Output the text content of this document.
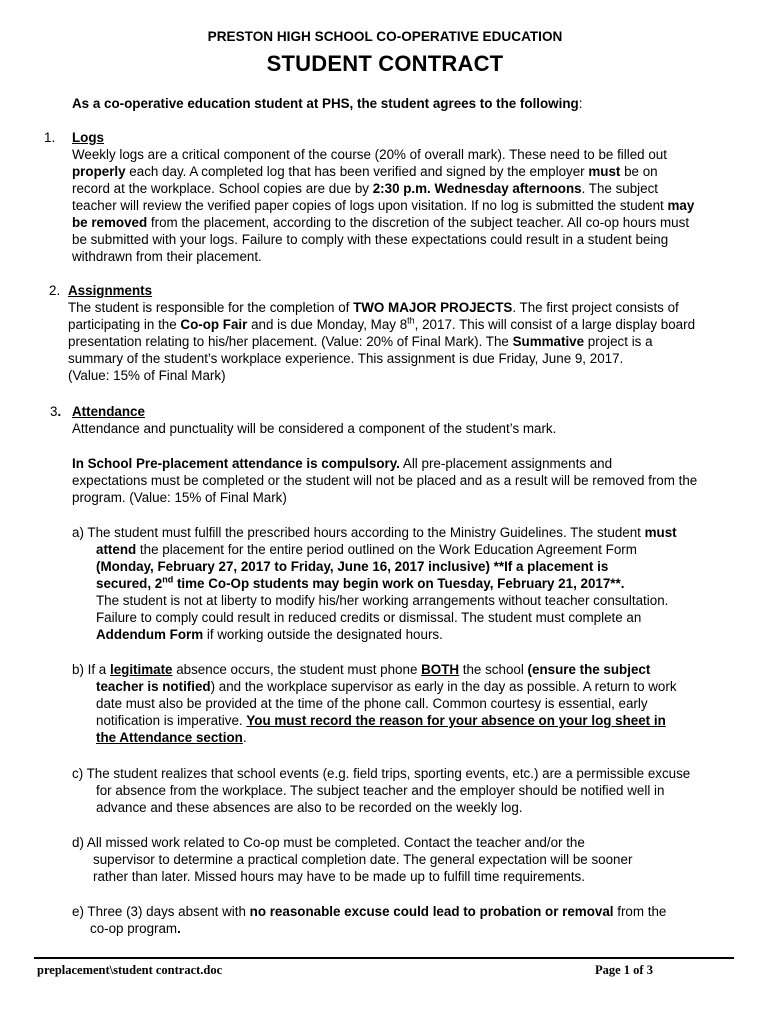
PRESTON HIGH SCHOOL CO-OPERATIVE EDUCATION
STUDENT CONTRACT
As a co-operative education student at PHS, the student agrees to the following:
1. Logs
Weekly logs are a critical component of the course (20% of overall mark). These need to be filled out
properly each day. A completed log that has been verified and signed by the employer must be on
record at the workplace. School copies are due by 2:30 p.m. Wednesday afternoons. The subject
teacher will review the verified paper copies of logs upon visitation. If no log is submitted the student may
be removed from the placement, according to the discretion of the subject teacher. All co-op hours must
be submitted with your logs. Failure to comply with these expectations could result in a student being
withdrawn from their placement.
2. Assignments
The student is responsible for the completion of TWO MAJOR PROJECTS. The first project consists of
participating in the Co-op Fair and is due Monday, May 8th, 2017. This will consist of a large display board
presentation relating to his/her placement. (Value: 20% of Final Mark). The Summative project is a
summary of the student’s workplace experience. This assignment is due Friday, June 9, 2017.
(Value: 15% of Final Mark)
3. Attendance
Attendance and punctuality will be considered a component of the student’s mark.
In School Pre-placement attendance is compulsory. All pre-placement assignments and
expectations must be completed or the student will not be placed and as a result will be removed from the
program. (Value: 15% of Final Mark)
a) The student must fulfill the prescribed hours according to the Ministry Guidelines. The student must
attend the placement for the entire period outlined on the Work Education Agreement Form
(Monday, February 27, 2017 to Friday, June 16, 2017 inclusive) **If a placement is
secured, 2nd time Co-Op students may begin work on Tuesday, February 21, 2017**.
The student is not at liberty to modify his/her working arrangements without teacher consultation.
Failure to comply could result in reduced credits or dismissal. The student must complete an
Addendum Form if working outside the designated hours.
b) If a legitimate absence occurs, the student must phone BOTH the school (ensure the subject
teacher is notified) and the workplace supervisor as early in the day as possible. A return to work
date must also be provided at the time of the phone call. Common courtesy is essential, early
notification is imperative. You must record the reason for your absence on your log sheet in
the Attendance section.
c) The student realizes that school events (e.g. field trips, sporting events, etc.) are a permissible excuse
for absence from the workplace. The subject teacher and the employer should be notified well in
advance and these absences are also to be recorded on the weekly log.
d) All missed work related to Co-op must be completed. Contact the teacher and/or the
supervisor to determine a practical completion date. The general expectation will be sooner
rather than later. Missed hours may have to be made up to fulfill time requirements.
e) Three (3) days absent with no reasonable excuse could lead to probation or removal from the
co-op program.
preplacement\student contract.doc	Page 1 of 3
